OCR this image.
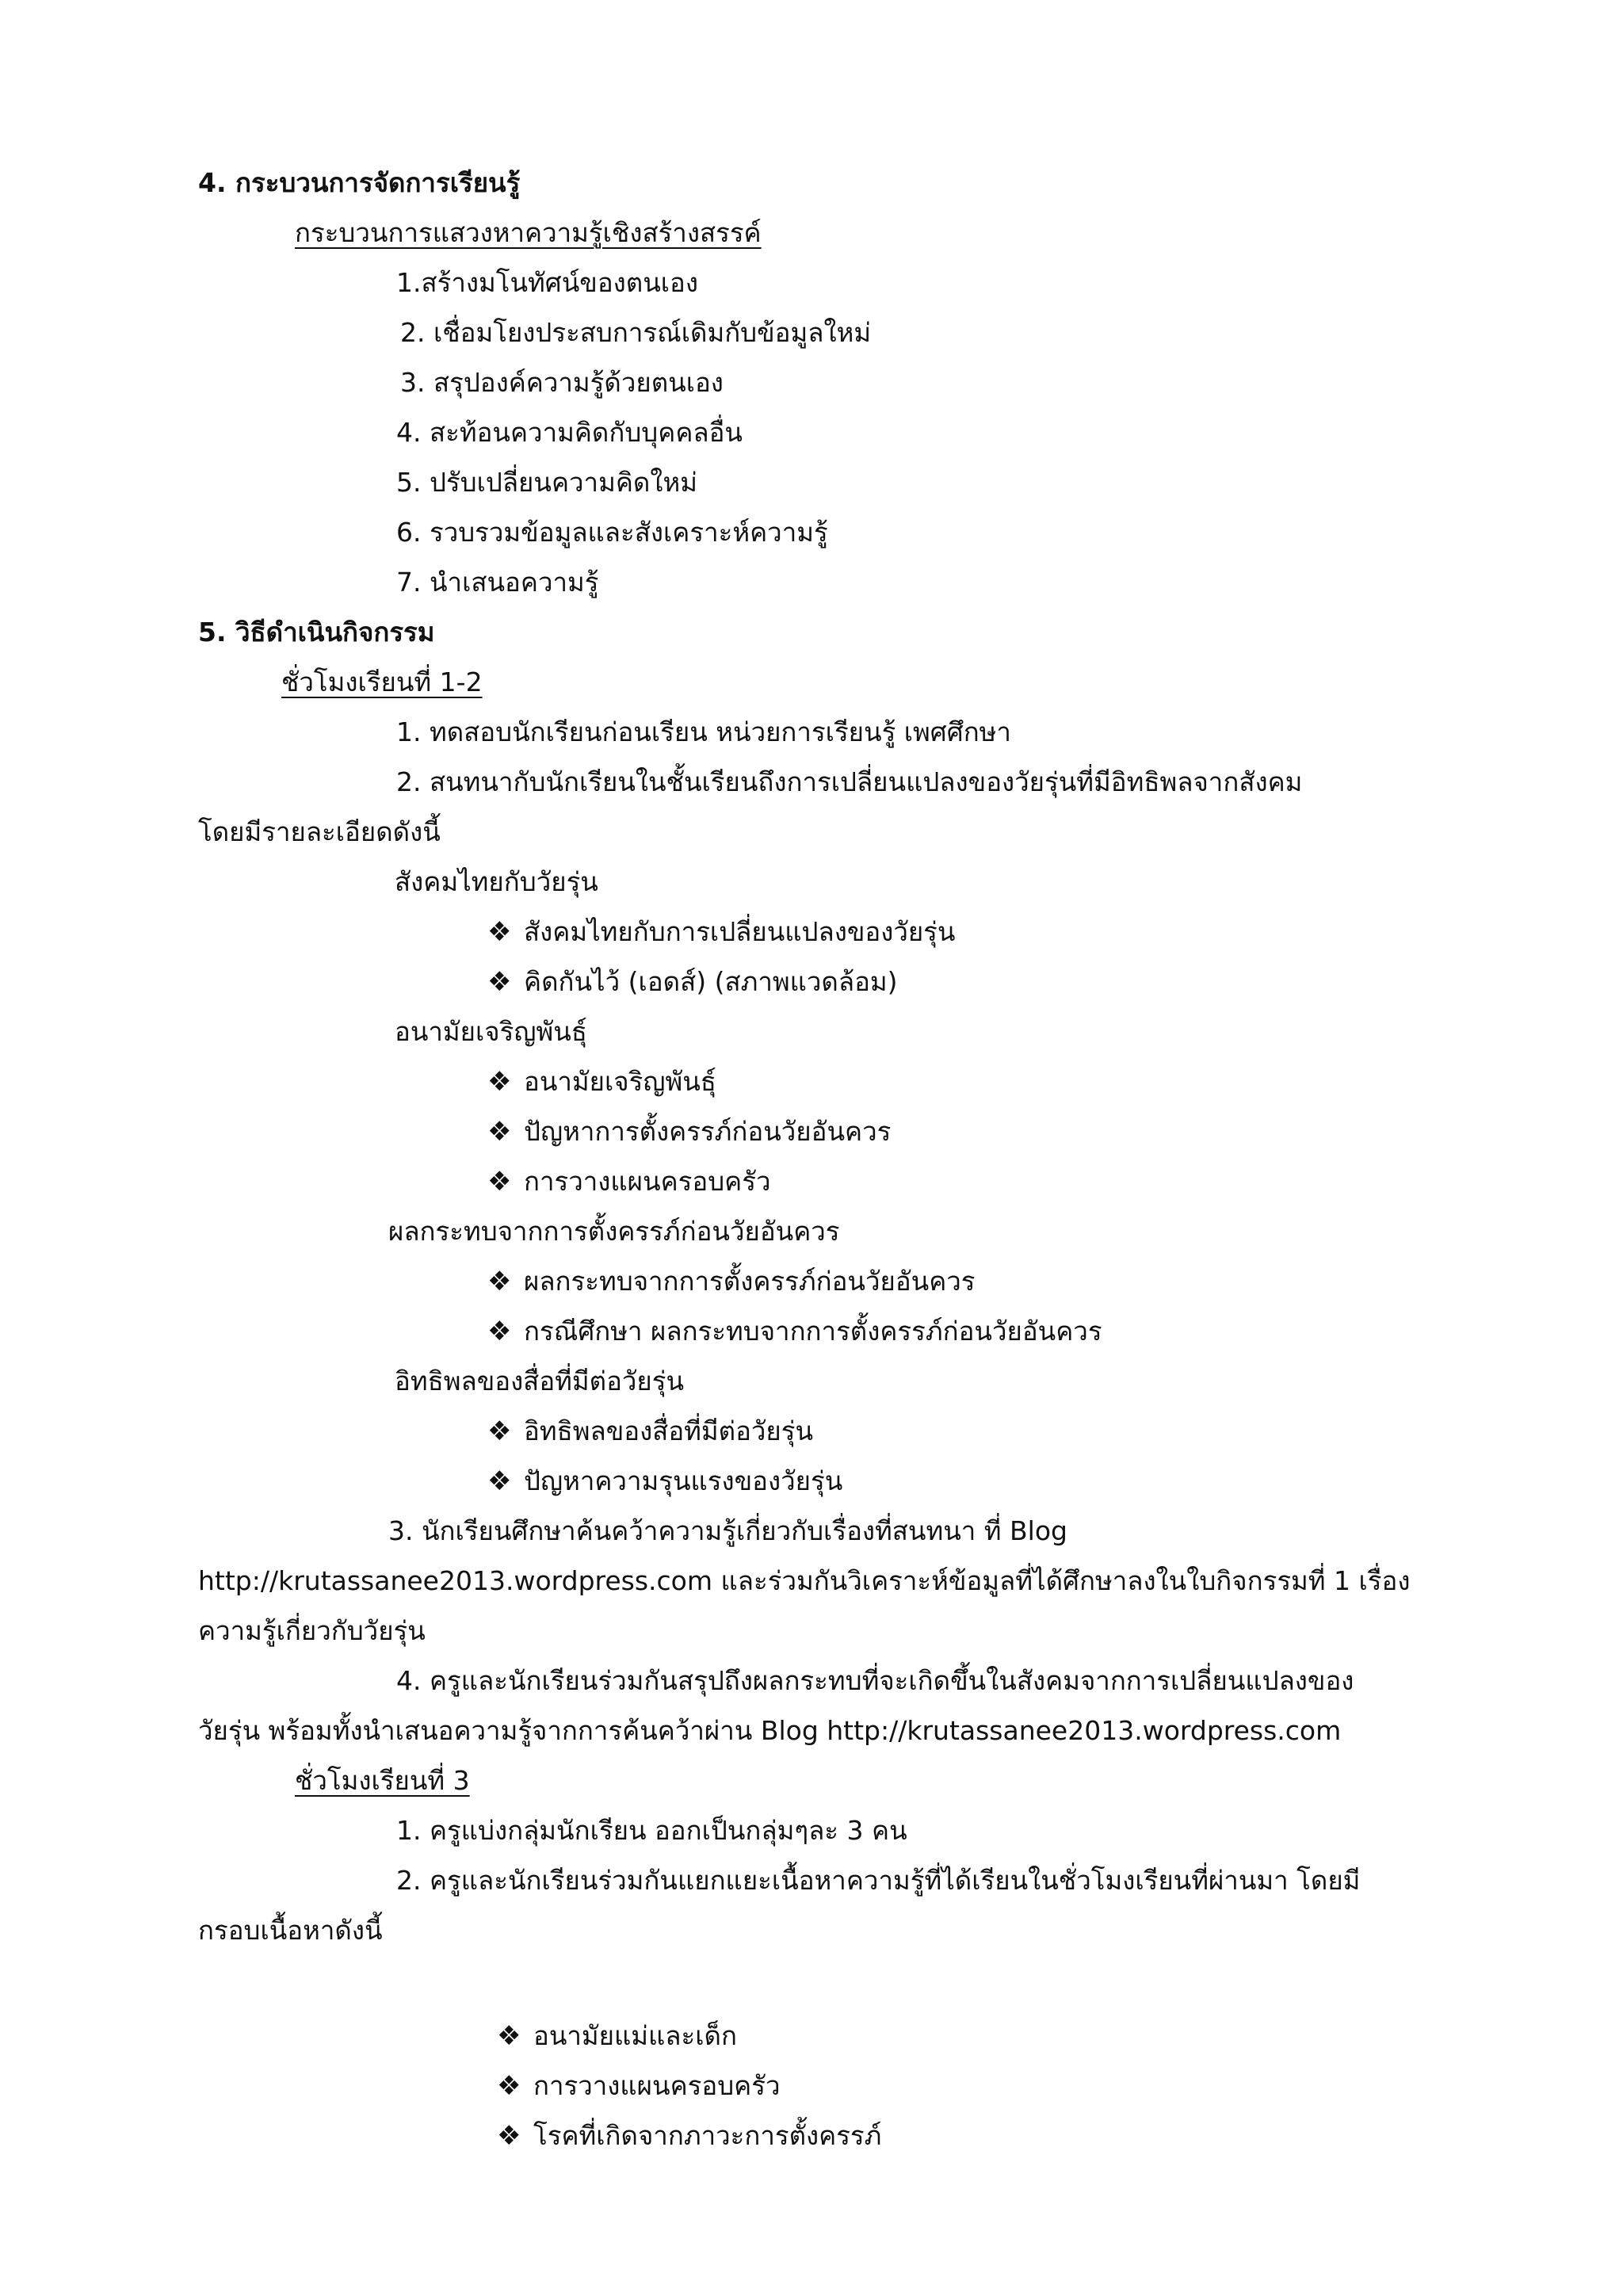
4. กระบวนการจัดการเรียนรู้
กระบวนการแสวงหาความรู้เชิงสร้างสรรค์
1.สร้างมโนทัศน์ของตนเอง
2. เชื่อมโยงประสบการณ์เดิมกับข้อมูลใหม่
3. สรุปองค์ความรู้ด้วยตนเอง
4. สะท้อนความคิดกับบุคคลอื่น
5. ปรับเปลี่ยนความคิดใหม่
6. รวบรวมข้อมูลและสังเคราะห์ความรู้
7. นำเสนอความรู้
5. วิธีดำเนินกิจกรรม
ชั่วโมงเรียนที่ 1-2
1. ทดสอบนักเรียนก่อนเรียน หน่วยการเรียนรู้ เพศศึกษา
2. สนทนากับนักเรียนในชั้นเรียนถึงการเปลี่ยนแปลงของวัยรุ่นที่มีอิทธิพลจากสังคม
โดยมีรายละเอียดดังนี้
สังคมไทยกับวัยรุ่น
❖ สังคมไทยกับการเปลี่ยนแปลงของวัยรุ่น
❖ คิดกันไว้ (เอดส์) (สภาพแวดล้อม)
อนามัยเจริญพันธุ์
❖ อนามัยเจริญพันธุ์
❖ ปัญหาการตั้งครรภ์ก่อนวัยอันควร
❖ การวางแผนครอบครัว
ผลกระทบจากการตั้งครรภ์ก่อนวัยอันควร
❖ ผลกระทบจากการตั้งครรภ์ก่อนวัยอันควร
❖ กรณีศึกษา ผลกระทบจากการตั้งครรภ์ก่อนวัยอันควร
อิทธิพลของสื่อที่มีต่อวัยรุ่น
❖ อิทธิพลของสื่อที่มีต่อวัยรุ่น
❖ ปัญหาความรุนแรงของวัยรุ่น
3. นักเรียนศึกษาค้นคว้าความรู้เกี่ยวกับเรื่องที่สนทนา ที่ Blog
http://krutassanee2013.wordpress.com และร่วมกันวิเคราะห์ข้อมูลที่ได้ศึกษาลงในใบกิจกรรมที่ 1 เรื่อง
ความรู้เกี่ยวกับวัยรุ่น
4. ครูและนักเรียนร่วมกันสรุปถึงผลกระทบที่จะเกิดขึ้นในสังคมจากการเปลี่ยนแปลงของ
วัยรุ่น พร้อมทั้งนำเสนอความรู้จากการค้นคว้าผ่าน Blog http://krutassanee2013.wordpress.com
ชั่วโมงเรียนที่ 3
1. ครูแบ่งกลุ่มนักเรียน ออกเป็นกลุ่มๆละ 3 คน
2. ครูและนักเรียนร่วมกันแยกแยะเนื้อหาความรู้ที่ได้เรียนในชั่วโมงเรียนที่ผ่านมา โดยมี
กรอบเนื้อหาดังนี้
❖ อนามัยแม่และเด็ก
❖ การวางแผนครอบครัว
❖ โรคที่เกิดจากภาวะการตั้งครรภ์
